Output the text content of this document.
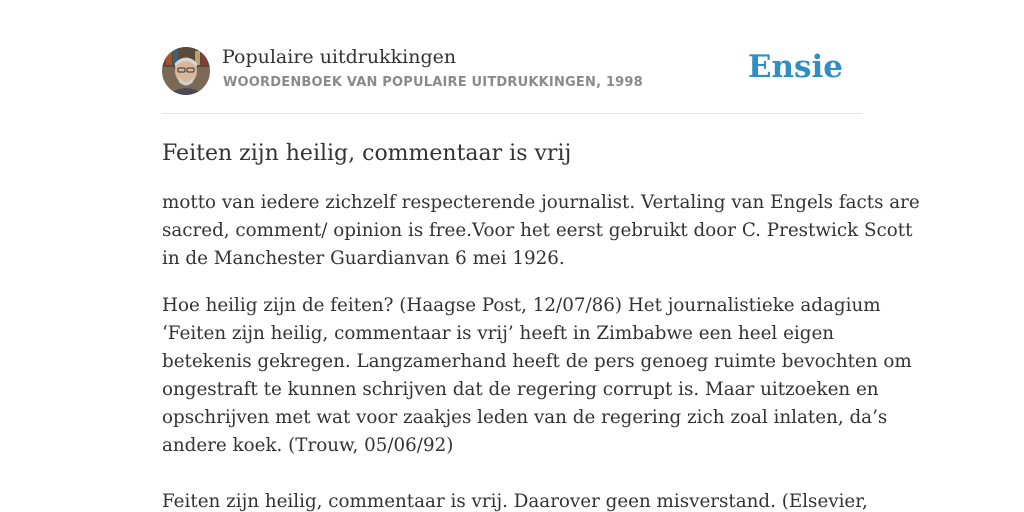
Populaire uitdrukkingen
WOORDENBOEK VAN POPULAIRE UITDRUKKINGEN, 1998	Ensie
Feiten zijn heilig, commentaar is vrij

motto van iedere zichzelf respecterende journalist. Vertaling van Engels facts are
sacred, comment/ opinion is free.Voor het eerst gebruikt door C. Prestwick Scott
in de Manchester Guardianvan 6 mei 1926.

Hoe heilig zijn de feiten? (Haagse Post, 12/07/86) Het journalistieke adagium
‘Feiten zijn heilig, commentaar is vrij’ heeft in Zimbabwe een heel eigen
betekenis gekregen. Langzamerhand heeft de pers genoeg ruimte bevochten om
ongestraft te kunnen schrijven dat de regering corrupt is. Maar uitzoeken en
opschrijven met wat voor zaakjes leden van de regering zich zoal inlaten, da’s
andere koek. (Trouw, 05/06/92)
Feiten zijn heilig, commentaar is vrij. Daarover geen misverstand. (Elsevier,
